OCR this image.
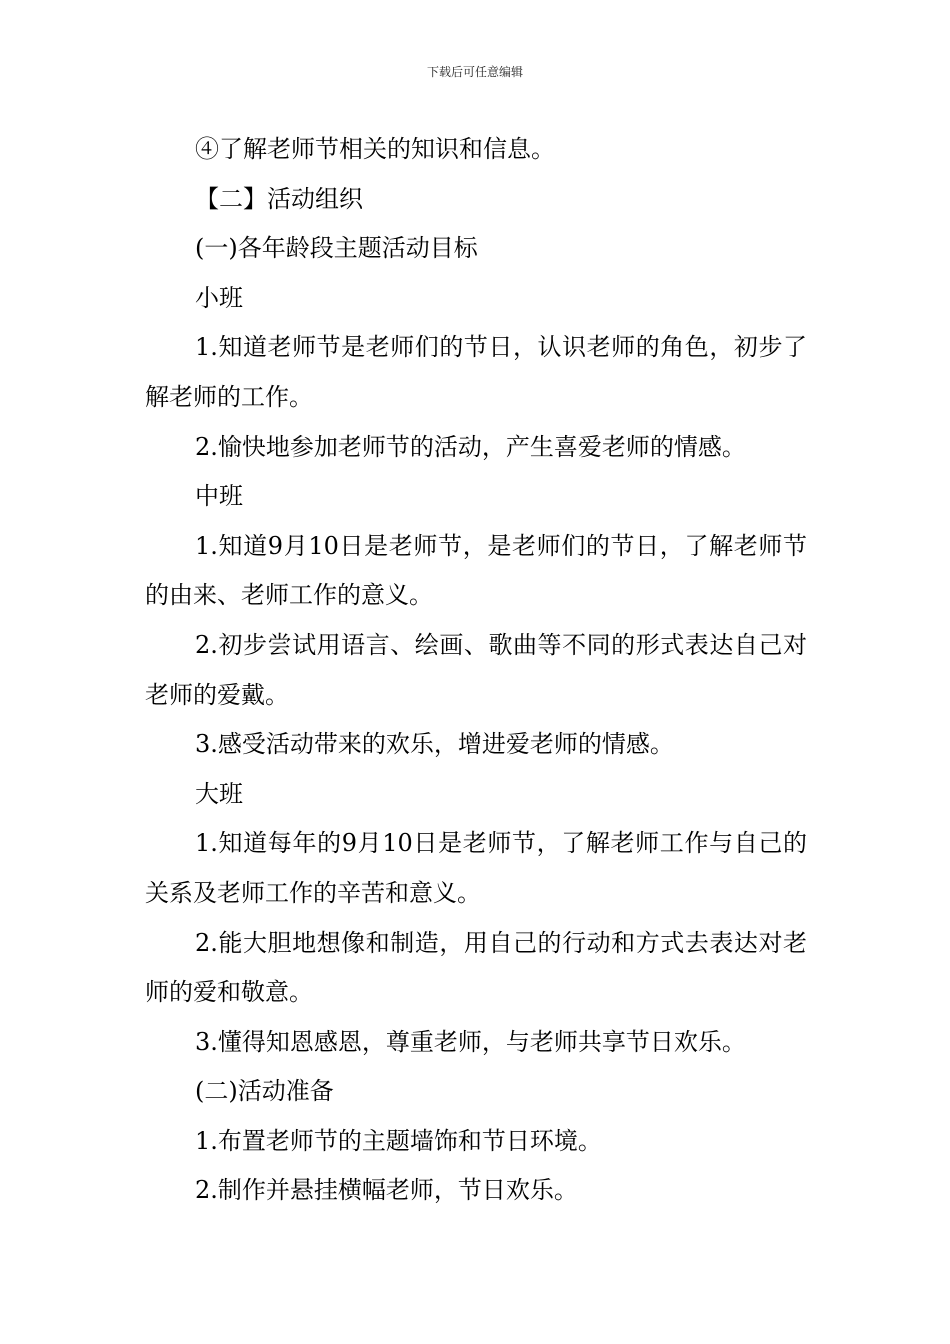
下载后可任意编辑

④了解老师节相关的知识和信息。

【二】活动组织

(一)各年龄段主题活动目标

小班

1.知道老师节是老师们的节日，认识老师的角色，初步了解老师的工作。

2.愉快地参加老师节的活动，产生喜爱老师的情感。

中班

1.知道9月10日是老师节，是老师们的节日，了解老师节的由来、老师工作的意义。

2.初步尝试用语言、绘画、歌曲等不同的形式表达自己对老师的爱戴。

3.感受活动带来的欢乐，增进爱老师的情感。

大班

1.知道每年的9月10日是老师节，了解老师工作与自己的关系及老师工作的辛苦和意义。

2.能大胆地想像和制造，用自己的行动和方式去表达对老师的爱和敬意。

3.懂得知恩感恩，尊重老师，与老师共享节日欢乐。

(二)活动准备

1.布置老师节的主题墙饰和节日环境。

2.制作并悬挂横幅老师，节日欢乐。
